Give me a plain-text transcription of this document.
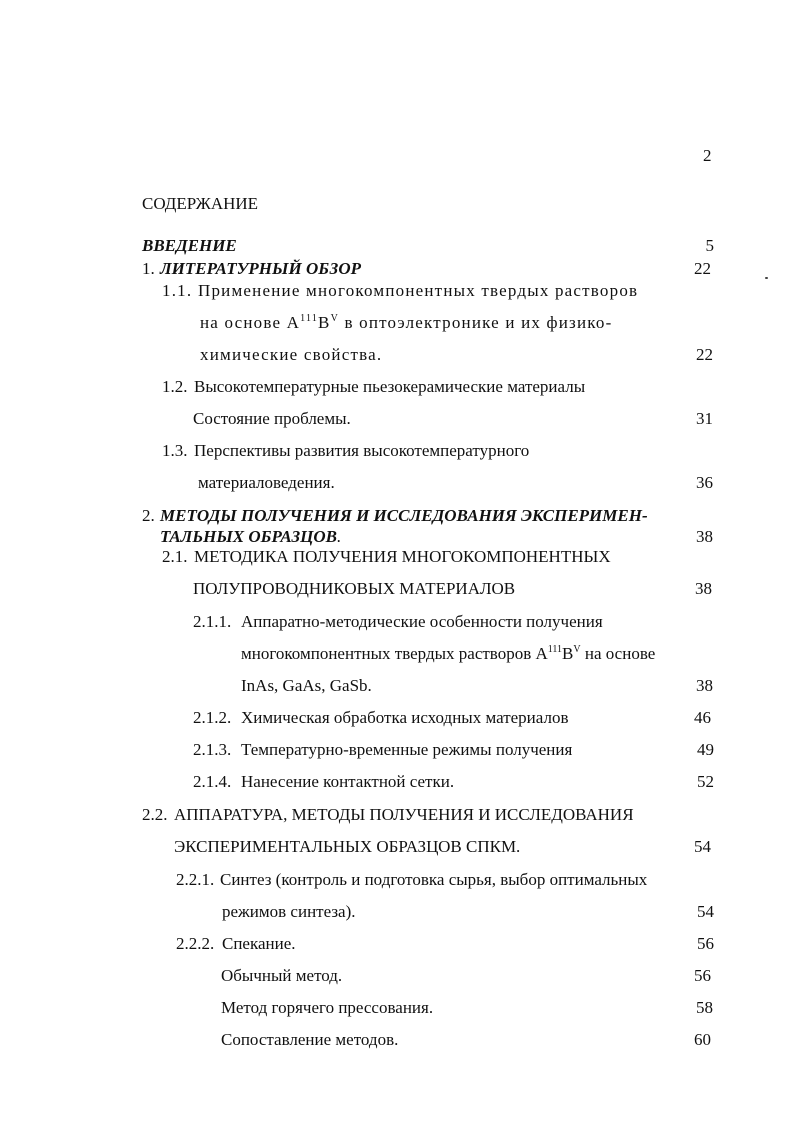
2
СОДЕРЖАНИЕ
ВВЕДЕНИЕ	5
1. ЛИТЕРАТУРНЫЙ ОБЗОР	22
1.1. Применение многокомпонентных твердых растворов
на основе $A^{111}B^V$ в оптоэлектронике и их физико-
химические свойства.	22
1.2. Высокотемпературные пьезокерамические материалы
Состояние проблемы.	31
1.3. Перспективы развития высокотемпературного
материаловедения.	36
2. МЕТОДЫ ПОЛУЧЕНИЯ И ИССЛЕДОВАНИЯ ЭКСПЕРИМЕН-
ТАЛЬНЫХ ОБРАЗЦОВ.	38
2.1. МЕТОДИКА ПОЛУЧЕНИЯ МНОГОКОМПОНЕНТНЫХ
ПОЛУПРОВОДНИКОВЫХ МАТЕРИАЛОВ	38
2.1.1. Аппаратно-методические особенности получения
многокомпонентных твердых растворов $A^{111}B^V$ на основе
InAs, GaAs, GaSb.	38
2.1.2. Химическая обработка исходных материалов	46
2.1.3. Температурно-временные режимы получения	49
2.1.4. Нанесение контактной сетки.	52
2.2. АППАРАТУРА, МЕТОДЫ ПОЛУЧЕНИЯ И ИССЛЕДОВАНИЯ
ЭКСПЕРИМЕНТАЛЬНЫХ ОБРАЗЦОВ СПКМ.	54
2.2.1. Синтез (контроль и подготовка сырья, выбор оптимальных
режимов синтеза).	54
2.2.2. Спекание.	56
Обычный метод.	56
Метод горячего прессования.	58
Сопоставление методов.	60
